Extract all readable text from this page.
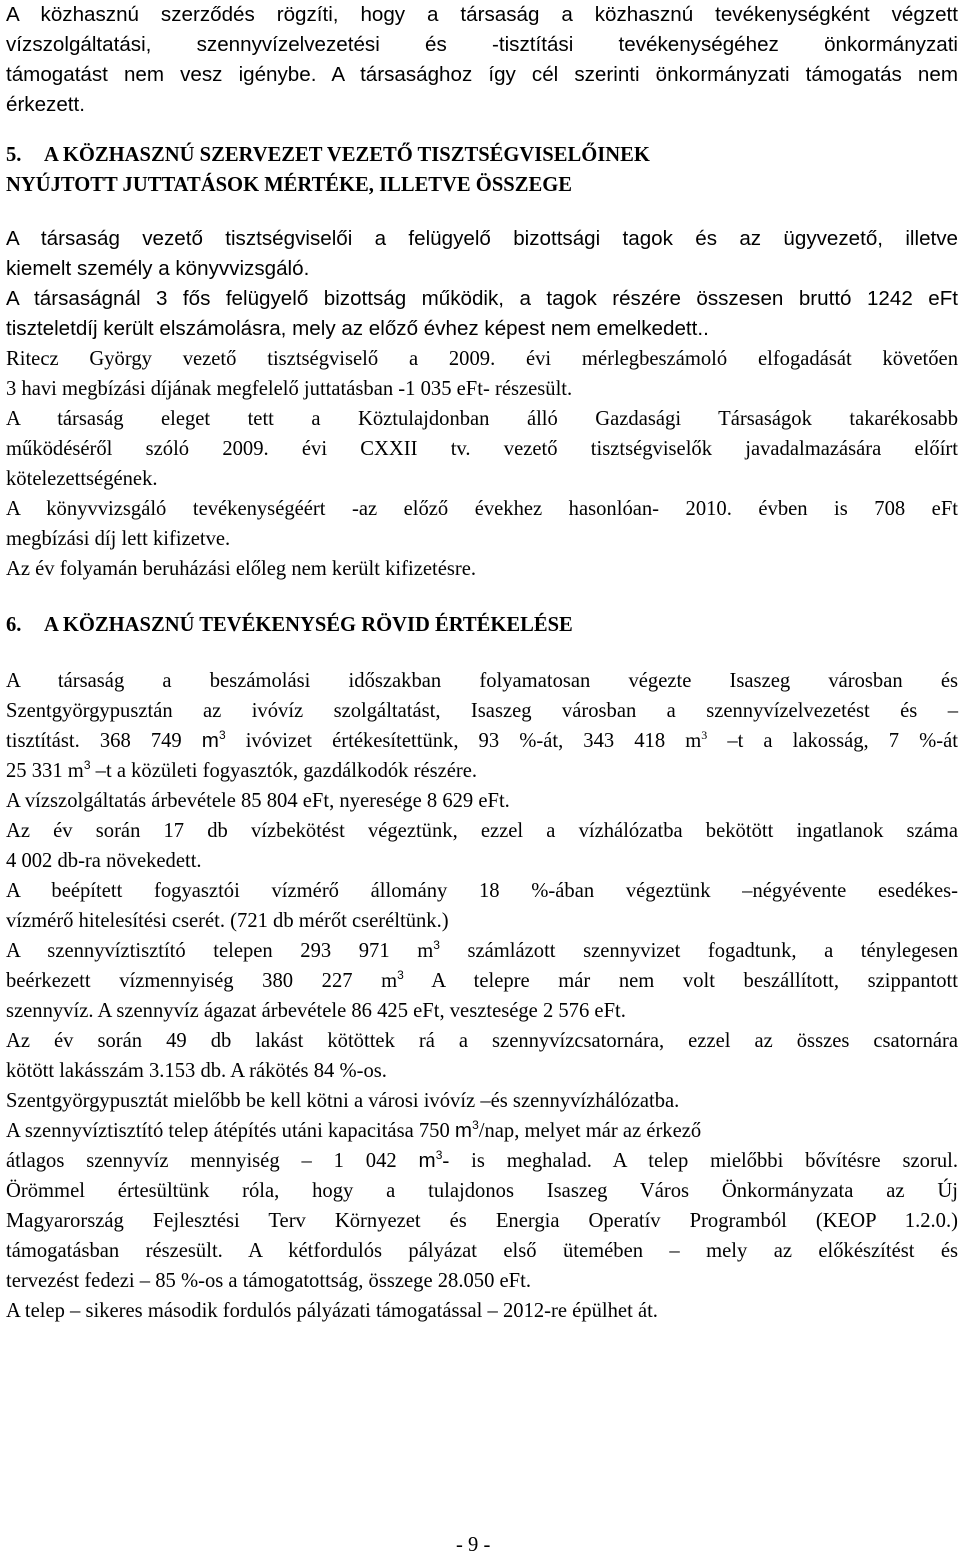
A közhasznú szerződés rögzíti, hogy a társaság a közhasznú tevékenységként végzett
vízszolgáltatási, szennyvízelvezetési és -tisztítási tevékenységéhez önkormányzati
támogatást nem vesz igénybe. A társasághoz így cél szerinti önkormányzati támogatás nem
érkezett.
5. A KÖZHASZNÚ SZERVEZET VEZETŐ TISZTSÉGVISELŐINEK
NYÚJTOTT JUTTATÁSOK MÉRTÉKE, ILLETVE ÖSSZEGE
A társaság vezető tisztségviselői a felügyelő bizottsági tagok és az ügyvezető, illetve
kiemelt személy a könyvvizsgáló.
A társaságnál 3 fős felügyelő bizottság működik, a tagok részére összesen bruttó 1242 eFt
tiszteletdíj került elszámolásra, mely az előző évhez képest nem emelkedett..
Ritecz György vezető tisztségviselő a 2009. évi mérlegbeszámoló elfogadását követően
3 havi megbízási díjának megfelelő juttatásban -1 035 eFt- részesült.
A társaság eleget tett a Köztulajdonban álló Gazdasági Társaságok takarékosabb
működéséről szóló 2009. évi CXXII tv. vezető tisztségviselők javadalmazására előírt
kötelezettségének.
A könyvvizsgáló tevékenységéért -az előző évekhez hasonlóan- 2010. évben is 708 eFt
megbízási díj lett kifizetve.
Az év folyamán beruházási előleg nem került kifizetésre.
6. A KÖZHASZNÚ TEVÉKENYSÉG RÖVID ÉRTÉKELÉSE
A társaság a beszámolási időszakban folyamatosan végezte Isaszeg városban és
Szentgyörgypusztán az ivóvíz szolgáltatást, Isaszeg városban a szennyvízelvezetést és –
tisztítást. 368 749 $m^3$ ivóvizet értékesítettünk, 93 %-át, 343 418 $m^3$ –t a lakosság, 7 %-át
25 331 $m^3$ –t a közületi fogyasztók, gazdálkodók részére.
A vízszolgáltatás árbevétele 85 804 eFt, nyeresége 8 629 eFt.
Az év során 17 db vízbekötést végeztünk, ezzel a vízhálózatba bekötött ingatlanok száma
4 002 db-ra növekedett.
A beépített fogyasztói vízmérő állomány 18 %-ában végeztünk –négyévente esedékes-
vízmérő hitelesítési cserét. (721 db mérőt cseréltünk.)
A szennyvíztisztító telepen 293 971 $m^3$ számlázott szennyvizet fogadtunk, a ténylegesen
beérkezett vízmennyiség 380 227 $m^3$ A telepre már nem volt beszállított, szippantott
szennyvíz. A szennyvíz ágazat árbevétele 86 425 eFt, vesztesége 2 576 eFt.
Az év során 49 db lakást kötöttek rá a szennyvízcsatornára, ezzel az összes csatornára
kötött lakásszám 3.153 db. A rákötés 84 %-os.
Szentgyörgypusztát mielőbb be kell kötni a városi ivóvíz –és szennyvízhálózatba.
A szennyvíztisztító telep átépítés utáni kapacitása 750 $m^3$/nap, melyet már az érkező
átlagos szennyvíz mennyiség – 1 042 $m^3-$ is meghalad. A telep mielőbbi bővítésre szorul.
Örömmel értesültünk róla, hogy a tulajdonos Isaszeg Város Önkormányzata az Új
Magyarország Fejlesztési Terv Környezet és Energia Operatív Programból (KEOP 1.2.0.)
támogatásban részesült. A kétfordulós pályázat első ütemében – mely az előkészítést és
tervezést fedezi – 85 %-os a támogatottság, összege 28.050 eFt.
A telep – sikeres második fordulós pályázati támogatással – 2012-re épülhet át.
- 9 -
